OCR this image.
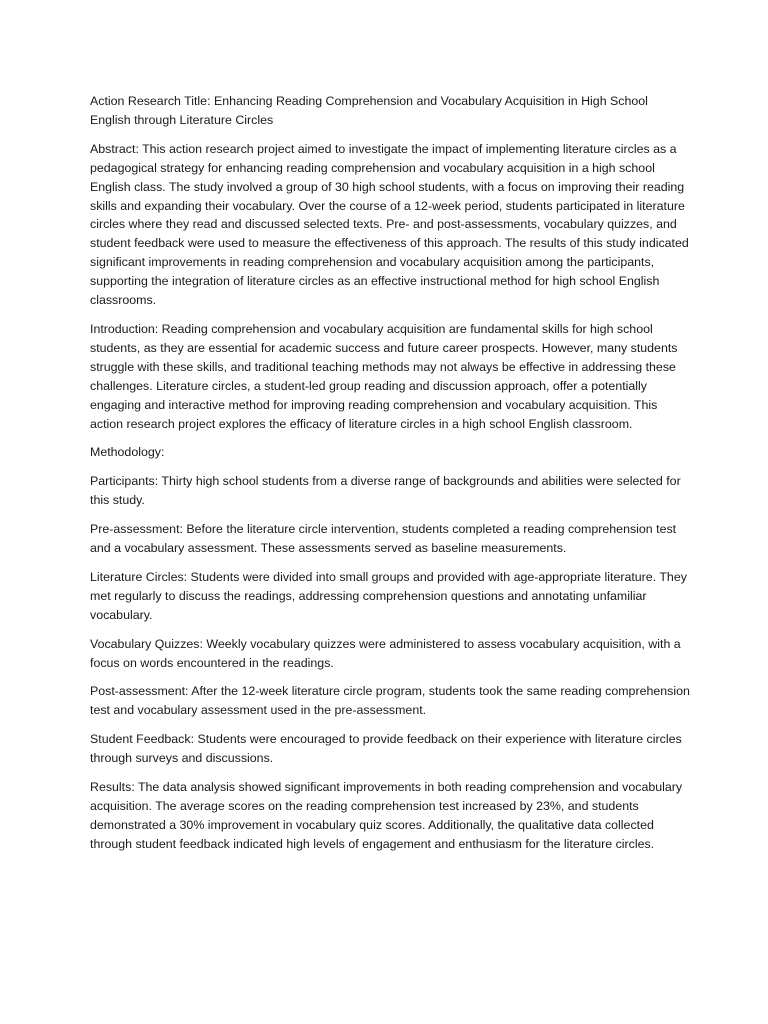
Action Research Title: Enhancing Reading Comprehension and Vocabulary Acquisition in High School English through Literature Circles

Abstract: This action research project aimed to investigate the impact of implementing literature circles as a pedagogical strategy for enhancing reading comprehension and vocabulary acquisition in a high school English class. The study involved a group of 30 high school students, with a focus on improving their reading skills and expanding their vocabulary. Over the course of a 12-week period, students participated in literature circles where they read and discussed selected texts. Pre- and post-assessments, vocabulary quizzes, and student feedback were used to measure the effectiveness of this approach. The results of this study indicated significant improvements in reading comprehension and vocabulary acquisition among the participants, supporting the integration of literature circles as an effective instructional method for high school English classrooms.

Introduction: Reading comprehension and vocabulary acquisition are fundamental skills for high school students, as they are essential for academic success and future career prospects. However, many students struggle with these skills, and traditional teaching methods may not always be effective in addressing these challenges. Literature circles, a student-led group reading and discussion approach, offer a potentially engaging and interactive method for improving reading comprehension and vocabulary acquisition. This action research project explores the efficacy of literature circles in a high school English classroom.

Methodology:

Participants: Thirty high school students from a diverse range of backgrounds and abilities were selected for this study.

Pre-assessment: Before the literature circle intervention, students completed a reading comprehension test and a vocabulary assessment. These assessments served as baseline measurements.

Literature Circles: Students were divided into small groups and provided with age-appropriate literature. They met regularly to discuss the readings, addressing comprehension questions and annotating unfamiliar vocabulary.

Vocabulary Quizzes: Weekly vocabulary quizzes were administered to assess vocabulary acquisition, with a focus on words encountered in the readings.

Post-assessment: After the 12-week literature circle program, students took the same reading comprehension test and vocabulary assessment used in the pre-assessment.

Student Feedback: Students were encouraged to provide feedback on their experience with literature circles through surveys and discussions.

Results: The data analysis showed significant improvements in both reading comprehension and vocabulary acquisition. The average scores on the reading comprehension test increased by 23%, and students demonstrated a 30% improvement in vocabulary quiz scores. Additionally, the qualitative data collected through student feedback indicated high levels of engagement and enthusiasm for the literature circles.
